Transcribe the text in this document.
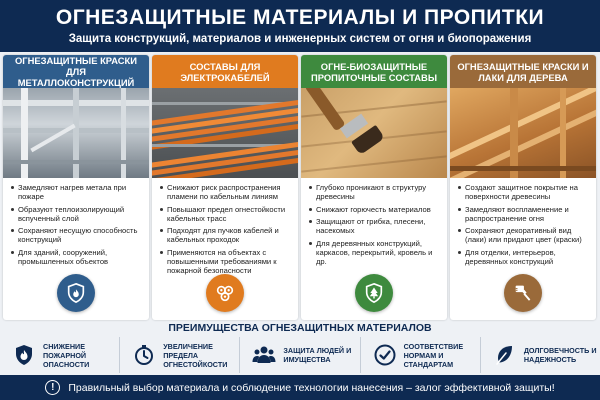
ОГНЕЗАЩИТНЫЕ МАТЕРИАЛЫ И ПРОПИТКИ
Защита конструкций, материалов и инженерных систем от огня и биопоражения
ОГНЕЗАЩИТНЫЕ КРАСКИ ДЛЯ МЕТАЛЛОКОНСТРУКЦИЙ
Замедляют нагрев метала при пожаре
Образуют теплоизолирующий вспученный слой
Сохраняют несущую способность конструкций
Для зданий, сооружений, промышленных объектов
СОСТАВЫ ДЛЯ ЭЛЕКТРОКАБЕЛЕЙ
Снижают риск распространения пламени по кабельным линиям
Повышают предел огнестойкости кабельных трасс
Подходят для пучков кабелей и кабельных проходок
Применяются на объектах с повышенными требованиями к пожарной безопасности
ОГНЕ-БИОЗАЩИТНЫЕ ПРОПИТОЧНЫЕ СОСТАВЫ
Глубоко проникают в структуру древесины
Снижают горючесть материалов
Защищают от грибка, плесени, насекомых
Для деревянных конструкций, каркасов, перекрытий, кровель и др.
ОГНЕЗАЩИТНЫЕ КРАСКИ И ЛАКИ ДЛЯ ДЕРЕВА
Создают защитное покрытие на поверхности древесины
Замедляют воспламенение и распространение огня
Сохраняют декоративный вид (лаки) или придают цвет (краски)
Для отделки, интерьеров, деревянных конструкций
ПРЕИМУЩЕСТВА ОГНЕЗАЩИТНЫХ МАТЕРИАЛОВ
СНИЖЕНИЕ ПОЖАРНОЙ ОПАСНОСТИ
УВЕЛИЧЕНИЕ ПРЕДЕЛА ОГНЕСТОЙКОСТИ
ЗАЩИТА ЛЮДЕЙ И ИМУЩЕСТВА
СООТВЕТСТВИЕ НОРМАМ И СТАНДАРТАМ
ДОЛГОВЕЧНОСТЬ И НАДЕЖНОСТЬ
!	Правильный выбор материала и соблюдение технологии нанесения – залог эффективной защиты!
